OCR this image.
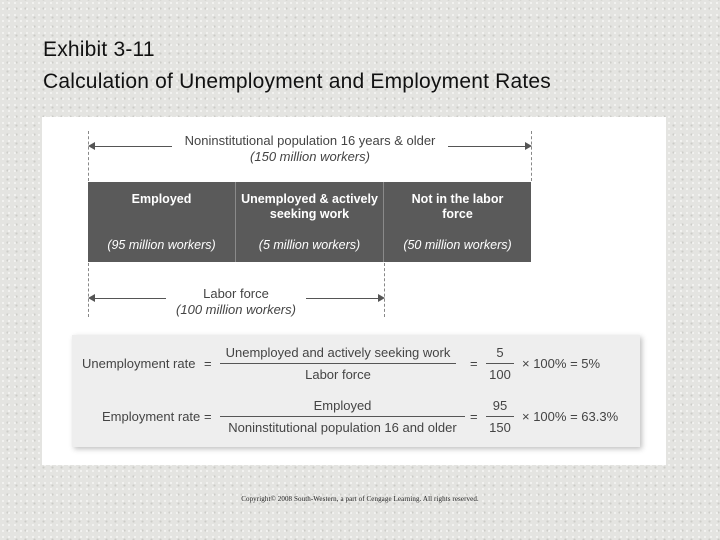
Exhibit 3-11
Calculation of Unemployment and Employment Rates
Noninstitutional population 16 years & older
(150 million workers)
Employed
(95 million workers)
Unemployed & actively
seeking work
(5 million workers)
Not in the labor
force
(50 million workers)
Labor force
(100 million workers)
Unemployment rate =
Unemployed and actively seeking work
Labor force
=
5
100
× 100% = 5%
Employment rate =
Employed
Noninstitutional population 16 and older
=
95
150
× 100% = 63.3%
Copyright© 2008 South-Western, a part of Cengage Learning. All rights reserved.
